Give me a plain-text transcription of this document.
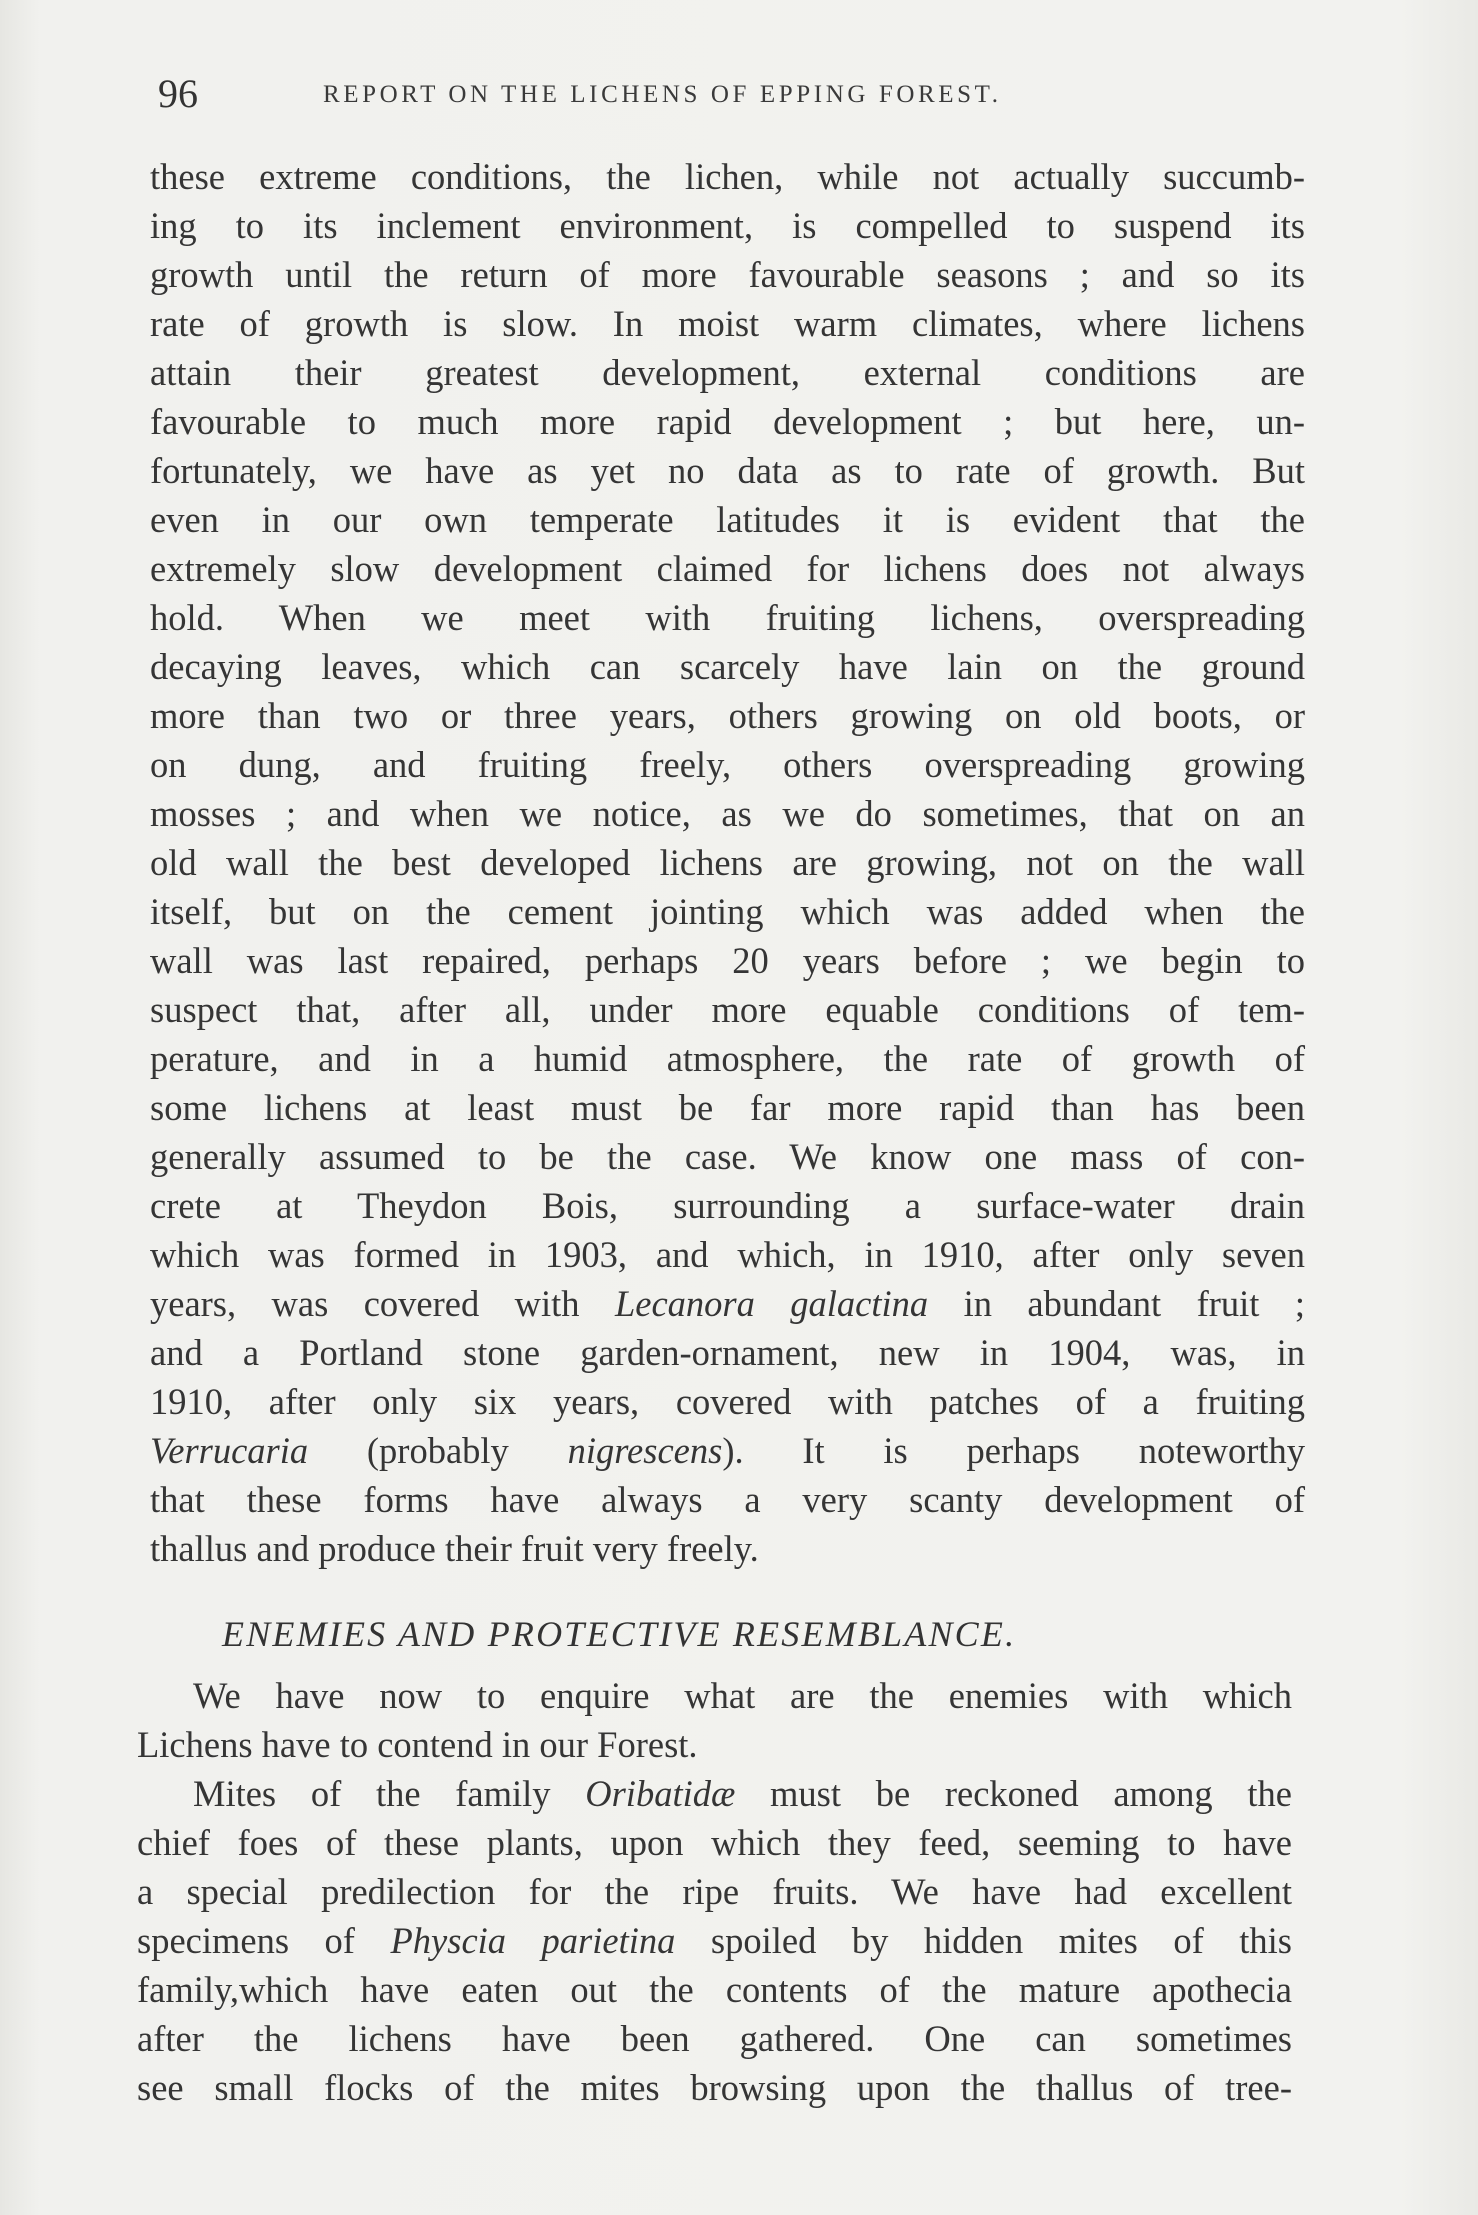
96	REPORT ON THE LICHENS OF EPPING FOREST.
these extreme conditions, the lichen, while not actually succumb-
ing to its inclement environment, is compelled to suspend its
growth until the return of more favourable seasons ; and so its
rate of growth is slow. In moist warm climates, where lichens
attain their greatest development, external conditions are
favourable to much more rapid development ; but here, un-
fortunately, we have as yet no data as to rate of growth. But
even in our own temperate latitudes it is evident that the
extremely slow development claimed for lichens does not always
hold. When we meet with fruiting lichens, overspreading
decaying leaves, which can scarcely have lain on the ground
more than two or three years, others growing on old boots, or
on dung, and fruiting freely, others overspreading growing
mosses ; and when we notice, as we do sometimes, that on an
old wall the best developed lichens are growing, not on the wall
itself, but on the cement jointing which was added when the
wall was last repaired, perhaps 20 years before ; we begin to
suspect that, after all, under more equable conditions of tem-
perature, and in a humid atmosphere, the rate of growth of
some lichens at least must be far more rapid than has been
generally assumed to be the case. We know one mass of con-
crete at Theydon Bois, surrounding a surface-water drain
which was formed in 1903, and which, in 1910, after only seven
years, was covered with Lecanora galactina in abundant fruit ;
and a Portland stone garden-ornament, new in 1904, was, in
1910, after only six years, covered with patches of a fruiting
Verrucaria (probably nigrescens). It is perhaps noteworthy
that these forms have always a very scanty development of
thallus and produce their fruit very freely.
ENEMIES AND PROTECTIVE RESEMBLANCE.
We have now to enquire what are the enemies with which
Lichens have to contend in our Forest.
Mites of the family Oribatidæ must be reckoned among the
chief foes of these plants, upon which they feed, seeming to have
a special predilection for the ripe fruits. We have had excellent
specimens of Physcia parietina spoiled by hidden mites of this
family,which have eaten out the contents of the mature apothecia
after the lichens have been gathered. One can sometimes
see small flocks of the mites browsing upon the thallus of tree-
